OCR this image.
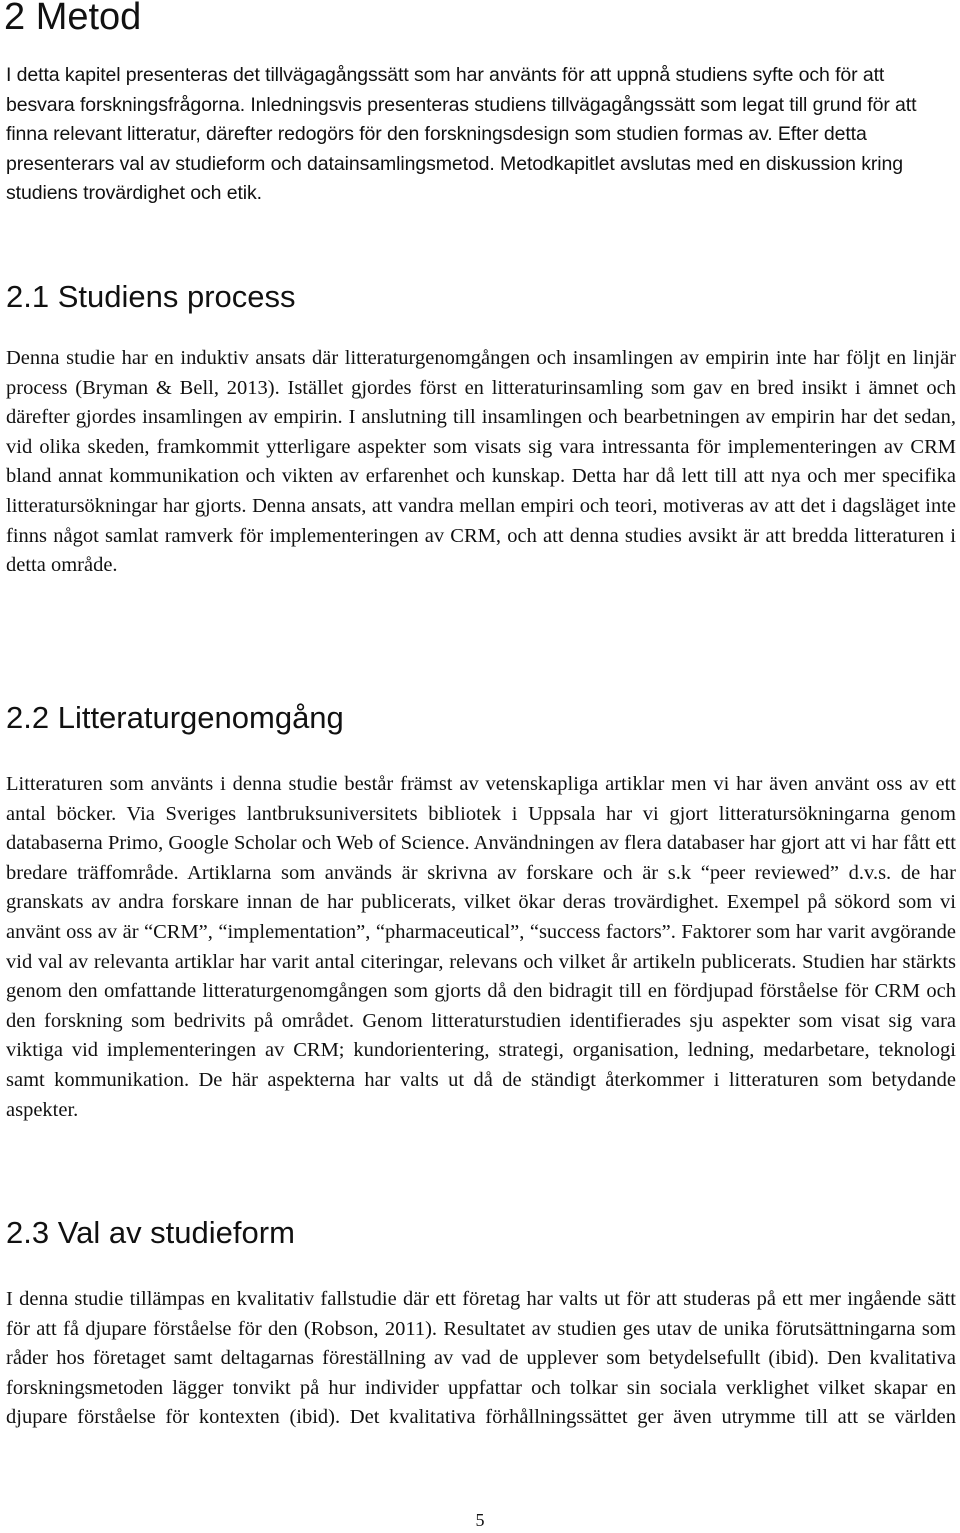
2 Metod

I detta kapitel presenteras det tillvägagångssätt som har använts för att uppnå studiens syfte och för att besvara forskningsfrågorna. Inledningsvis presenteras studiens tillvägagångssätt som legat till grund för att finna relevant litteratur, därefter redogörs för den forskningsdesign som studien formas av. Efter detta presenterars val av studieform och datainsamlingsmetod. Metodkapitlet avslutas med en diskussion kring studiens trovärdighet och etik.

2.1 Studiens process

Denna studie har en induktiv ansats där litteraturgenomgången och insamlingen av empirin inte har följt en linjär process (Bryman & Bell, 2013). Istället gjordes först en litteraturinsamling som gav en bred insikt i ämnet och därefter gjordes insamlingen av empirin. I anslutning till insamlingen och bearbetningen av empirin har det sedan, vid olika skeden, framkommit ytterligare aspekter som visats sig vara intressanta för implementeringen av CRM bland annat kommunikation och vikten av erfarenhet och kunskap. Detta har då lett till att nya och mer specifika litteratursökningar har gjorts. Denna ansats, att vandra mellan empiri och teori, motiveras av att det i dagsläget inte finns något samlat ramverk för implementeringen av CRM, och att denna studies avsikt är att bredda litteraturen i detta område.

2.2 Litteraturgenomgång

Litteraturen som använts i denna studie består främst av vetenskapliga artiklar men vi har även använt oss av ett antal böcker. Via Sveriges lantbruksuniversitets bibliotek i Uppsala har vi gjort litteratursökningarna genom databaserna Primo, Google Scholar och Web of Science. Användningen av flera databaser har gjort att vi har fått ett bredare träffområde. Artiklarna som används är skrivna av forskare och är s.k “peer reviewed” d.v.s. de har granskats av andra forskare innan de har publicerats, vilket ökar deras trovärdighet. Exempel på sökord som vi använt oss av är “CRM”, “implementation”, “pharmaceutical”, “success factors”. Faktorer som har varit avgörande vid val av relevanta artiklar har varit antal citeringar, relevans och vilket år artikeln publicerats. Studien har stärkts genom den omfattande litteraturgenomgången som gjorts då den bidragit till en fördjupad förståelse för CRM och den forskning som bedrivits på området. Genom litteraturstudien identifierades sju aspekter som visat sig vara viktiga vid implementeringen av CRM; kundorientering, strategi, organisation, ledning, medarbetare, teknologi samt kommunikation. De här aspekterna har valts ut då de ständigt återkommer i litteraturen som betydande aspekter.

2.3 Val av studieform

I denna studie tillämpas en kvalitativ fallstudie där ett företag har valts ut för att studeras på ett mer ingående sätt för att få djupare förståelse för den (Robson, 2011). Resultatet av studien ges utav de unika förutsättningarna som råder hos företaget samt deltagarnas föreställning av vad de upplever som betydelsefullt (ibid). Den kvalitativa forskningsmetoden lägger tonvikt på hur individer uppfattar och tolkar sin sociala verklighet vilket skapar en djupare förståelse för kontexten (ibid). Det kvalitativa förhållningssättet ger även utrymme till att se världen

5
